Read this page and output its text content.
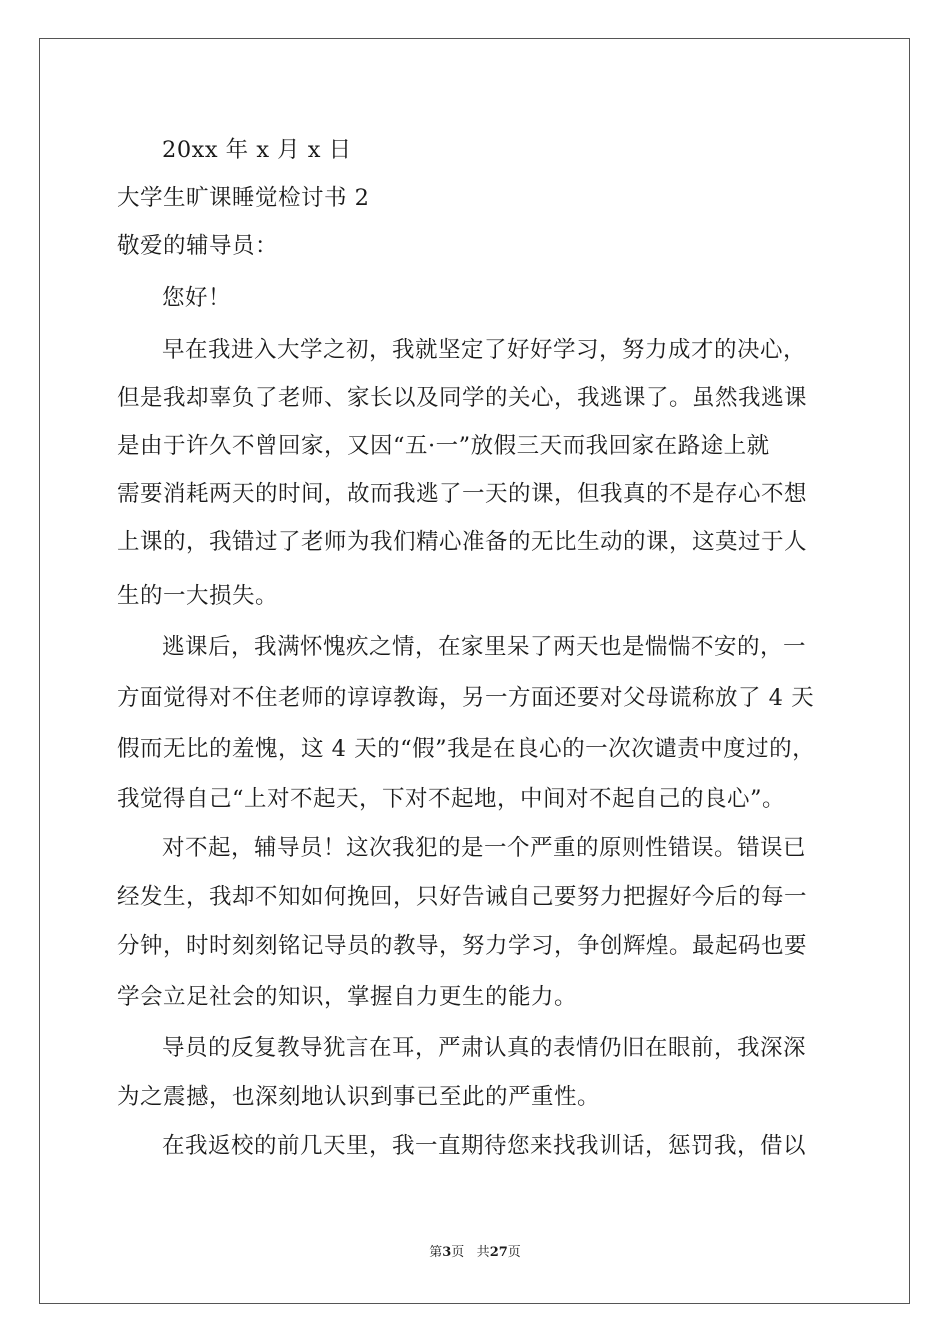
20xx 年 x 月 x 日
大学生旷课睡觉检讨书 2
敬爱的辅导员：
您好！
早在我进入大学之初，我就坚定了好好学习，努力成才的决心，
但是我却辜负了老师、家长以及同学的关心，我逃课了。虽然我逃课
是由于许久不曾回家，又因“五·一”放假三天而我回家在路途上就
需要消耗两天的时间，故而我逃了一天的课，但我真的不是存心不想
上课的，我错过了老师为我们精心准备的无比生动的课，这莫过于人
生的一大损失。
逃课后，我满怀愧疚之情，在家里呆了两天也是惴惴不安的，一
方面觉得对不住老师的谆谆教诲，另一方面还要对父母谎称放了 4 天
假而无比的羞愧，这 4 天的“假”我是在良心的一次次谴责中度过的，
我觉得自己“上对不起天，下对不起地，中间对不起自己的良心”。
对不起，辅导员！这次我犯的是一个严重的原则性错误。错误已
经发生，我却不知如何挽回，只好告诫自己要努力把握好今后的每一
分钟，时时刻刻铭记导员的教导，努力学习，争创辉煌。最起码也要
学会立足社会的知识，掌握自力更生的能力。
导员的反复教导犹言在耳，严肃认真的表情仍旧在眼前，我深深
为之震撼，也深刻地认识到事已至此的严重性。
在我返校的前几天里，我一直期待您来找我训话，惩罚我，借以
第3页 共27页
